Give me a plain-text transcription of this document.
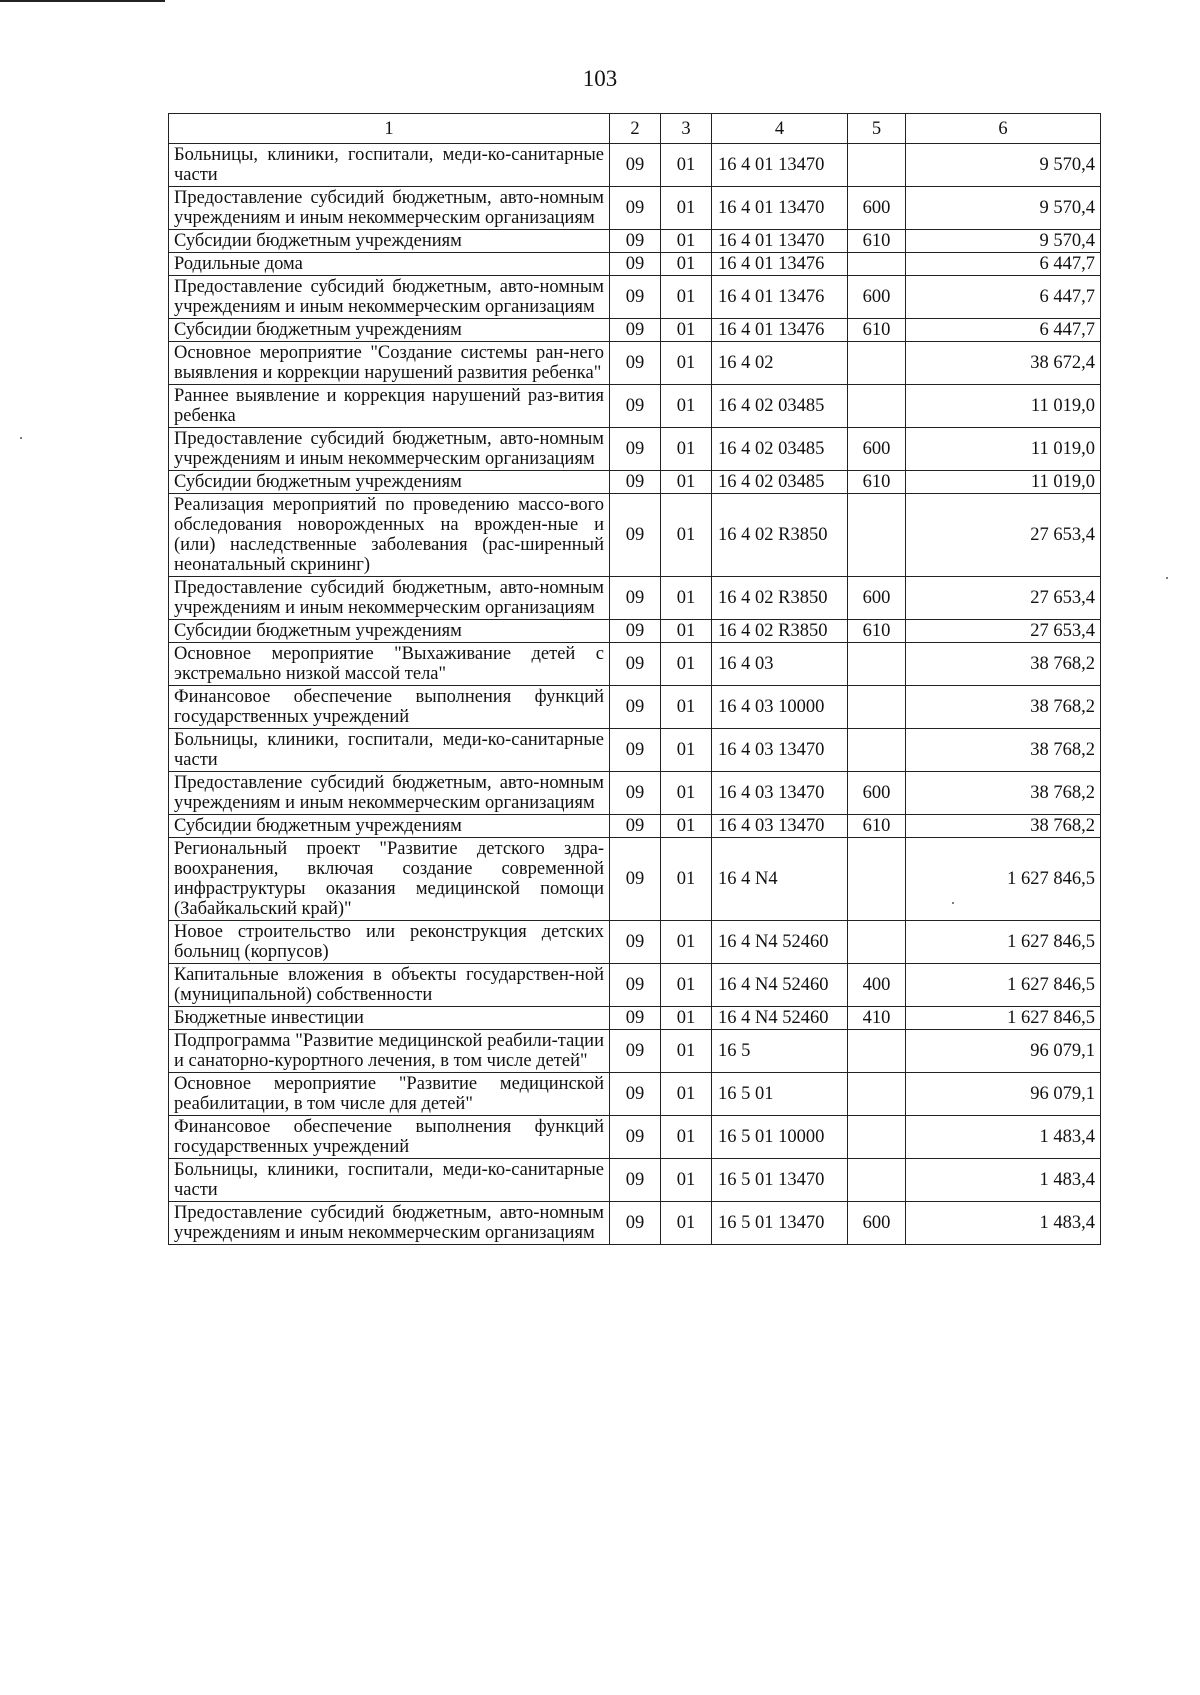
103
1	2	3	4	5	6
Больницы, клиники, госпитали, меди-ко-санитарные части	09	01	16 4 01 13470		9 570,4
Предоставление субсидий бюджетным, авто-номным учреждениям и иным некоммерческим организациям	09	01	16 4 01 13470	600	9 570,4
Субсидии бюджетным учреждениям	09	01	16 4 01 13470	610	9 570,4
Родильные дома	09	01	16 4 01 13476		6 447,7
Предоставление субсидий бюджетным, авто-номным учреждениям и иным некоммерческим организациям	09	01	16 4 01 13476	600	6 447,7
Субсидии бюджетным учреждениям	09	01	16 4 01 13476	610	6 447,7
Основное мероприятие "Создание системы ран-него выявления и коррекции нарушений развития ребенка"	09	01	16 4 02		38 672,4
Раннее выявление и коррекция нарушений раз-вития ребенка	09	01	16 4 02 03485		11 019,0
Предоставление субсидий бюджетным, авто-номным учреждениям и иным некоммерческим организациям	09	01	16 4 02 03485	600	11 019,0
Субсидии бюджетным учреждениям	09	01	16 4 02 03485	610	11 019,0
Реализация мероприятий по проведению массо-вого обследования новорожденных на врожден-ные и (или) наследственные заболевания (рас-ширенный неонатальный скрининг)	09	01	16 4 02 R3850		27 653,4
Предоставление субсидий бюджетным, авто-номным учреждениям и иным некоммерческим организациям	09	01	16 4 02 R3850	600	27 653,4
Субсидии бюджетным учреждениям	09	01	16 4 02 R3850	610	27 653,4
Основное мероприятие "Выхаживание детей с экстремально низкой массой тела"	09	01	16 4 03		38 768,2
Финансовое обеспечение выполнения функций государственных учреждений	09	01	16 4 03 10000		38 768,2
Больницы, клиники, госпитали, меди-ко-санитарные части	09	01	16 4 03 13470		38 768,2
Предоставление субсидий бюджетным, авто-номным учреждениям и иным некоммерческим организациям	09	01	16 4 03 13470	600	38 768,2
Субсидии бюджетным учреждениям	09	01	16 4 03 13470	610	38 768,2
Региональный проект "Развитие детского здра-воохранения, включая создание современной инфраструктуры оказания медицинской помощи (Забайкальский край)"	09	01	16 4 N4		1 627 846,5
Новое строительство или реконструкция детских больниц (корпусов)	09	01	16 4 N4 52460		1 627 846,5
Капитальные вложения в объекты государствен-ной (муниципальной) собственности	09	01	16 4 N4 52460	400	1 627 846,5
Бюджетные инвестиции	09	01	16 4 N4 52460	410	1 627 846,5
Подпрограмма "Развитие медицинской реабили-тации и санаторно-курортного лечения, в том числе детей"	09	01	16 5		96 079,1
Основное мероприятие "Развитие медицинской реабилитации, в том числе для детей"	09	01	16 5 01		96 079,1
Финансовое обеспечение выполнения функций государственных учреждений	09	01	16 5 01 10000		1 483,4
Больницы, клиники, госпитали, меди-ко-санитарные части	09	01	16 5 01 13470		1 483,4
Предоставление субсидий бюджетным, авто-номным учреждениям и иным некоммерческим организациям	09	01	16 5 01 13470	600	1 483,4
